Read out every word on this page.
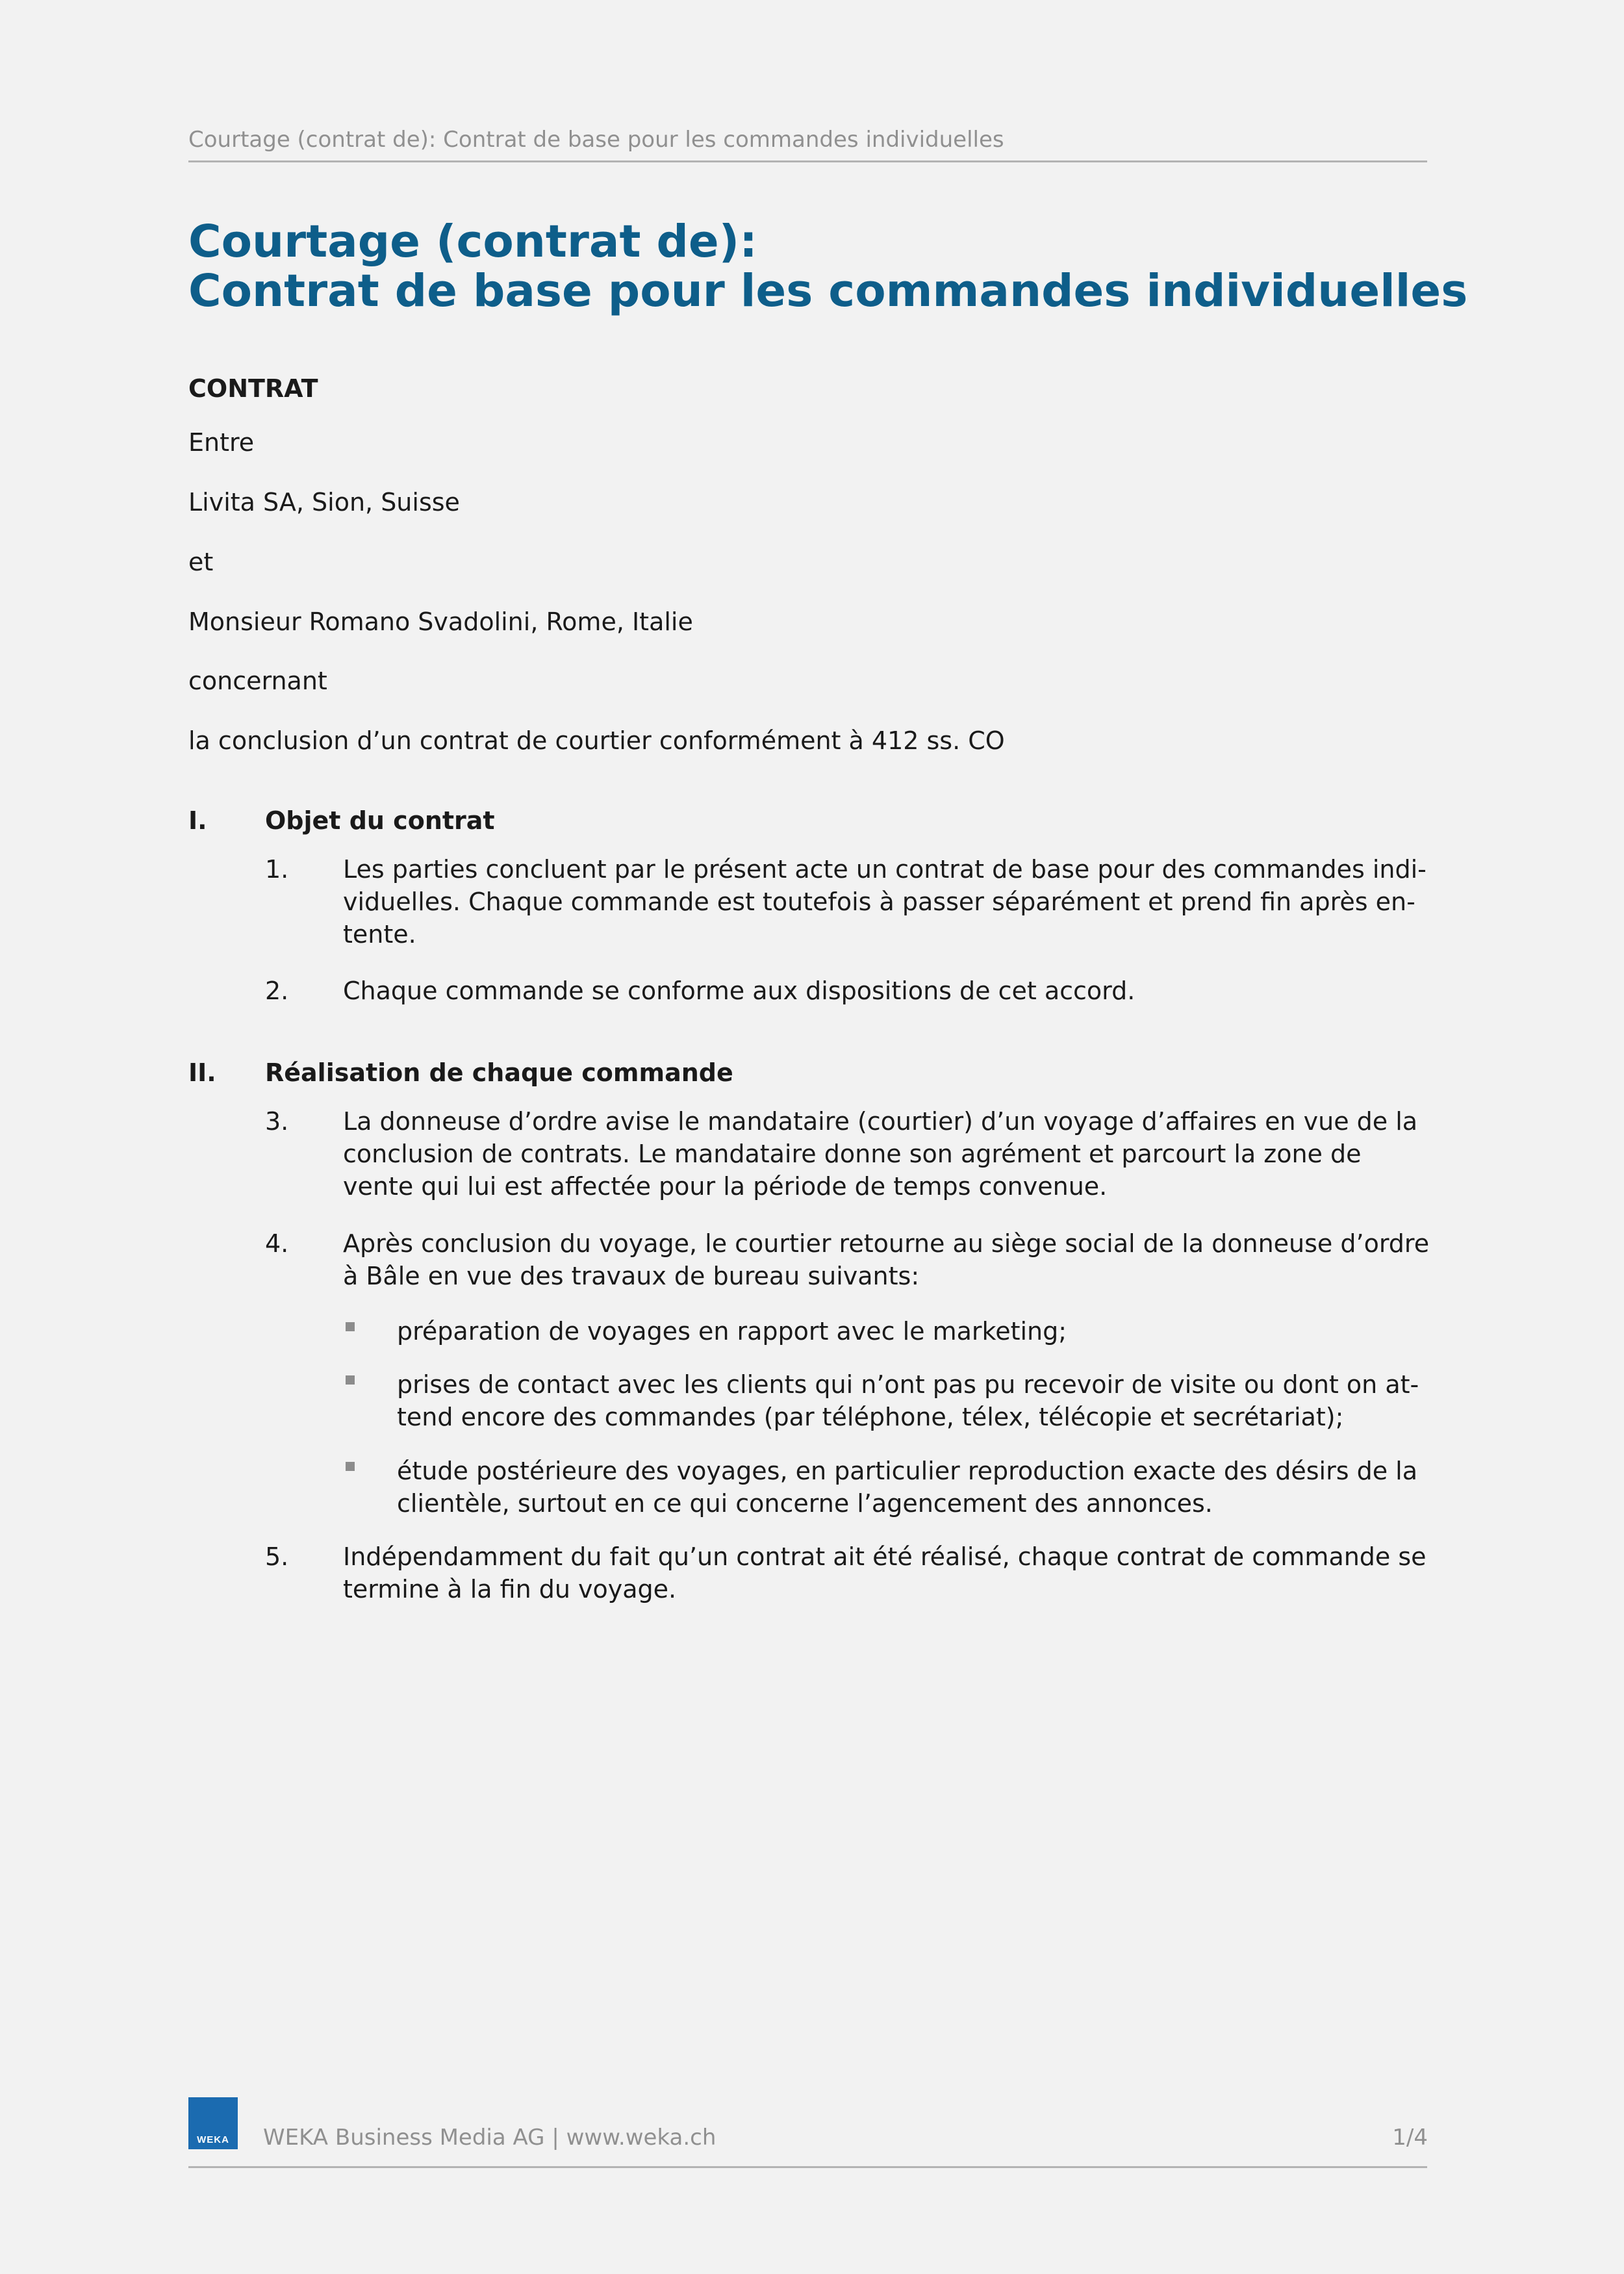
Courtage (contrat de): Contrat de base pour les commandes individuelles
Courtage (contrat de):
Contrat de base pour les commandes individuelles
CONTRAT
Entre
Livita SA, Sion, Suisse
et
Monsieur Romano Svadolini, Rome, Italie
concernant
la conclusion d’un contrat de courtier conformément à 412 ss. CO
I. Objet du contrat
1. Les parties concluent par le présent acte un contrat de base pour des commandes indi-
viduelles. Chaque commande est toutefois à passer séparément et prend fin après en-
tente.
2. Chaque commande se conforme aux dispositions de cet accord.
II. Réalisation de chaque commande
3. La donneuse d’ordre avise le mandataire (courtier) d’un voyage d’affaires en vue de la
conclusion de contrats. Le mandataire donne son agrément et parcourt la zone de
vente qui lui est affectée pour la période de temps convenue.
4. Après conclusion du voyage, le courtier retourne au siège social de la donneuse d’ordre
à Bâle en vue des travaux de bureau suivants:
préparation de voyages en rapport avec le marketing;
prises de contact avec les clients qui n’ont pas pu recevoir de visite ou dont on at-
tend encore des commandes (par téléphone, télex, télécopie et secrétariat);
étude postérieure des voyages, en particulier reproduction exacte des désirs de la
clientèle, surtout en ce qui concerne l’agencement des annonces.
5. Indépendamment du fait qu’un contrat ait été réalisé, chaque contrat de commande se
termine à la fin du voyage.
WEKA	WEKA Business Media AG | www.weka.ch	1/4
